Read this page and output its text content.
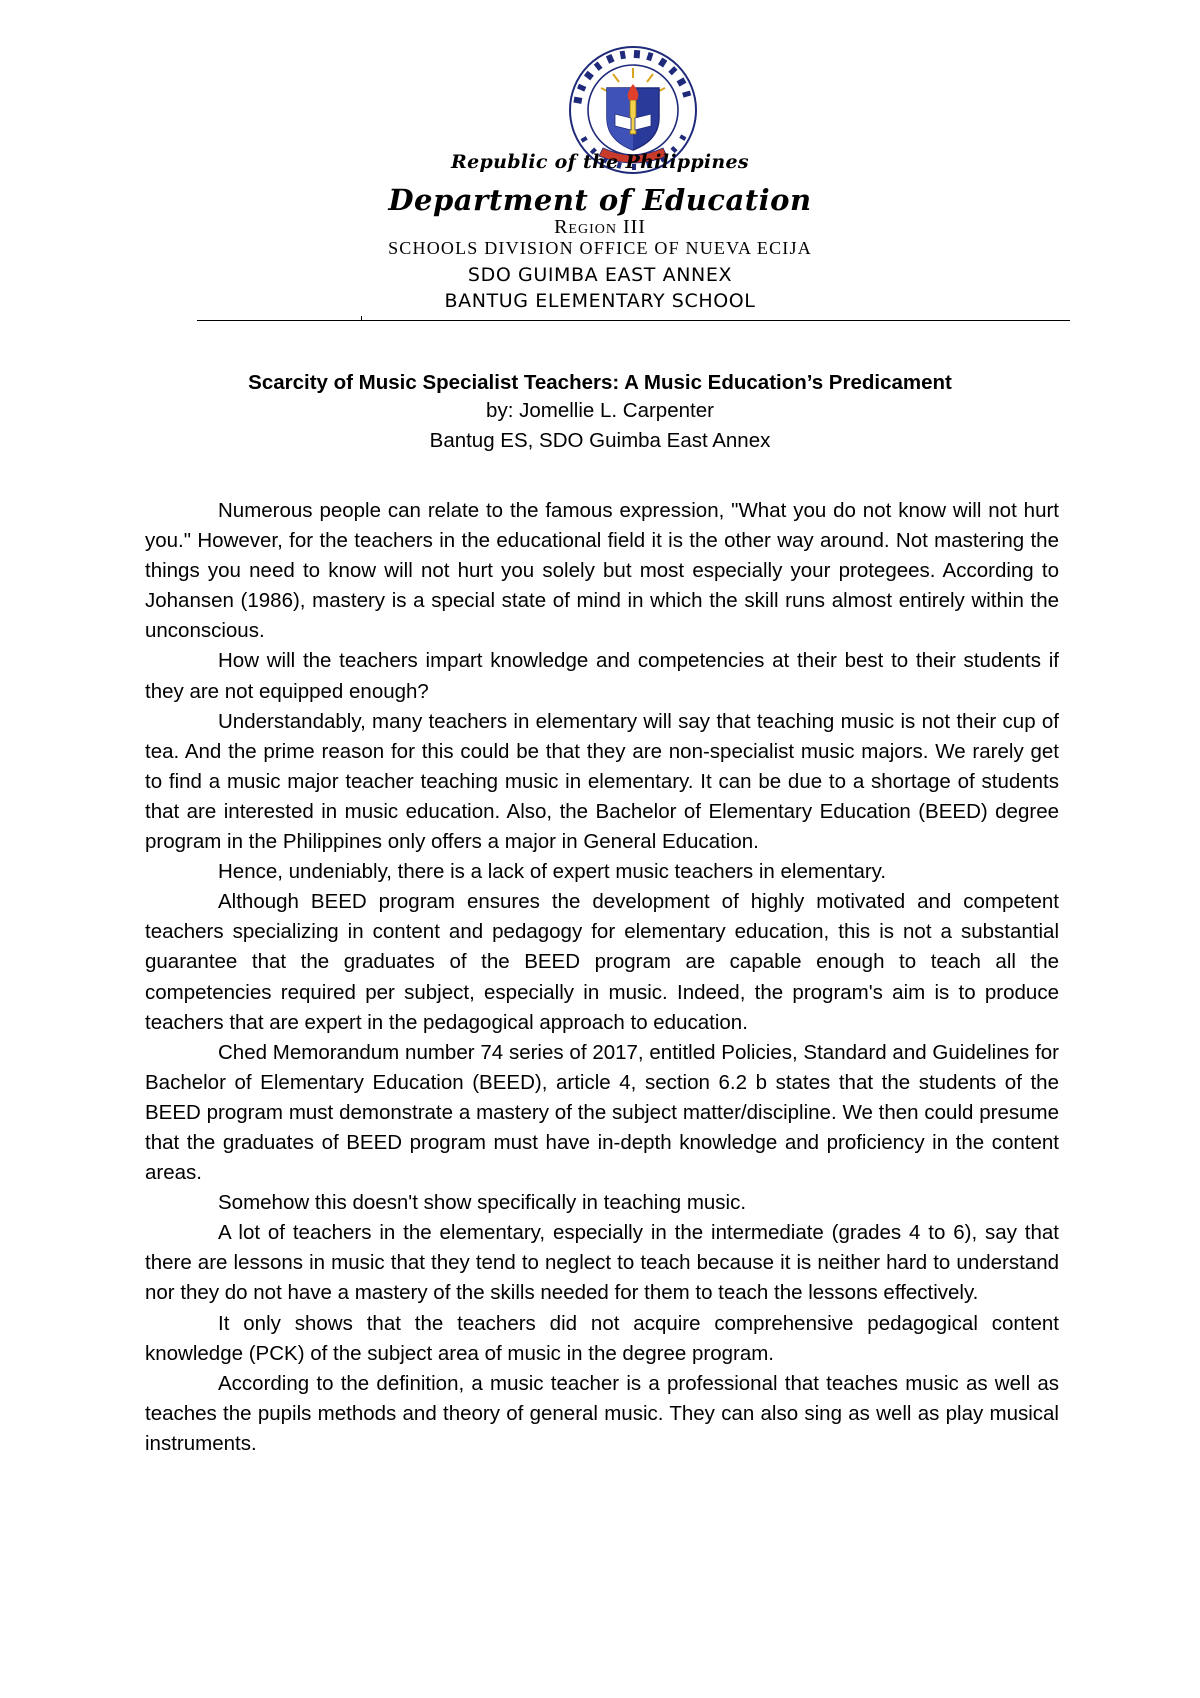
Republic of the Philippines
Department of Education
Region III
SCHOOLS DIVISION OFFICE OF NUEVA ECIJA
SDO GUIMBA EAST ANNEX
BANTUG ELEMENTARY SCHOOL
Scarcity of Music Specialist Teachers: A Music Education’s Predicament
by: Jomellie L. Carpenter
Bantug ES, SDO Guimba East Annex

Numerous people can relate to the famous expression, "What you do not know will not hurt you." However, for the teachers in the educational field it is the other way around. Not mastering the things you need to know will not hurt you solely but most especially your protegees. According to Johansen (1986), mastery is a special state of mind in which the skill runs almost entirely within the unconscious.

How will the teachers impart knowledge and competencies at their best to their students if they are not equipped enough?

Understandably, many teachers in elementary will say that teaching music is not their cup of tea. And the prime reason for this could be that they are non-specialist music majors. We rarely get to find a music major teacher teaching music in elementary. It can be due to a shortage of students that are interested in music education. Also, the Bachelor of Elementary Education (BEED) degree program in the Philippines only offers a major in General Education.

Hence, undeniably, there is a lack of expert music teachers in elementary.

Although BEED program ensures the development of highly motivated and competent teachers specializing in content and pedagogy for elementary education, this is not a substantial guarantee that the graduates of the BEED program are capable enough to teach all the competencies required per subject, especially in music. Indeed, the program's aim is to produce teachers that are expert in the pedagogical approach to education.

Ched Memorandum number 74 series of 2017, entitled Policies, Standard and Guidelines for Bachelor of Elementary Education (BEED), article 4, section 6.2 b states that the students of the BEED program must demonstrate a mastery of the subject matter/discipline. We then could presume that the graduates of BEED program must have in-depth knowledge and proficiency in the content areas.

Somehow this doesn't show specifically in teaching music.

A lot of teachers in the elementary, especially in the intermediate (grades 4 to 6), say that there are lessons in music that they tend to neglect to teach because it is neither hard to understand nor they do not have a mastery of the skills needed for them to teach the lessons effectively.

It only shows that the teachers did not acquire comprehensive pedagogical content knowledge (PCK) of the subject area of music in the degree program.

According to the definition, a music teacher is a professional that teaches music as well as teaches the pupils methods and theory of general music. They can also sing as well as play musical instruments.
